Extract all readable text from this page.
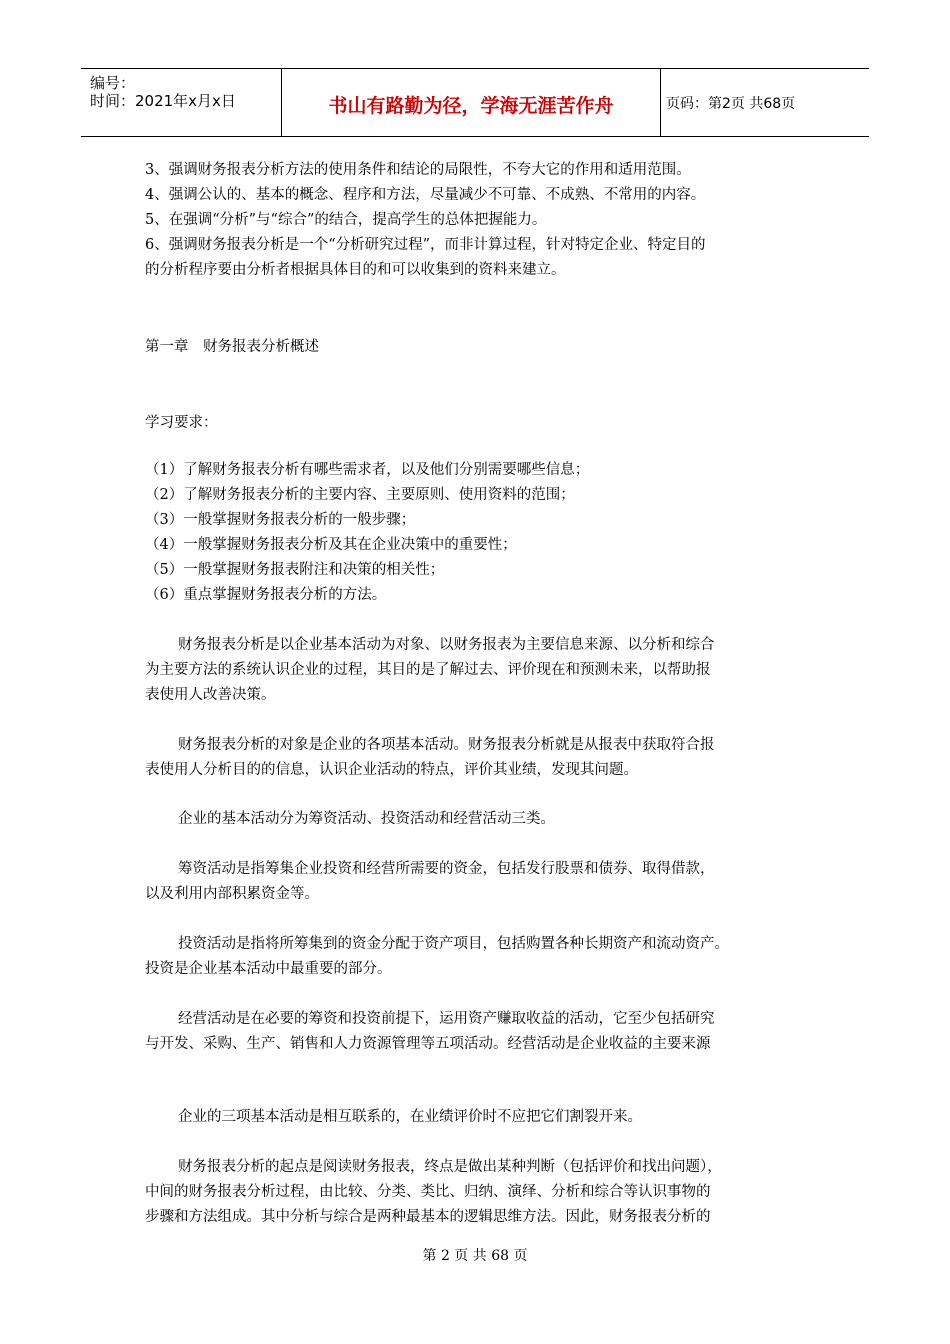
编号：
时间：2021年x月x日	书山有路勤为径，学海无涯苦作舟	页码：第2页 共68页
3、强调财务报表分析方法的使用条件和结论的局限性，不夸大它的作用和适用范围。
4、强调公认的、基本的概念、程序和方法，尽量减少不可靠、不成熟、不常用的内容。
5、在强调“分析”与“综合”的结合，提高学生的总体把握能力。
6、强调财务报表分析是一个“分析研究过程”，而非计算过程，针对特定企业、特定目的
的分析程序要由分析者根据具体目的和可以收集到的资料来建立。
第一章　财务报表分析概述
学习要求：
（1）了解财务报表分析有哪些需求者，以及他们分别需要哪些信息；
（2）了解财务报表分析的主要内容、主要原则、使用资料的范围；
（3）一般掌握财务报表分析的一般步骤；
（4）一般掌握财务报表分析及其在企业决策中的重要性；
（5）一般掌握财务报表附注和决策的相关性；
（6）重点掌握财务报表分析的方法。
财务报表分析是以企业基本活动为对象、以财务报表为主要信息来源、以分析和综合
为主要方法的系统认识企业的过程，其目的是了解过去、评价现在和预测未来，以帮助报
表使用人改善决策。
财务报表分析的对象是企业的各项基本活动。财务报表分析就是从报表中获取符合报
表使用人分析目的的信息，认识企业活动的特点，评价其业绩，发现其问题。
企业的基本活动分为筹资活动、投资活动和经营活动三类。
筹资活动是指筹集企业投资和经营所需要的资金，包括发行股票和债券、取得借款，
以及利用内部积累资金等。
投资活动是指将所筹集到的资金分配于资产项目，包括购置各种长期资产和流动资产。
投资是企业基本活动中最重要的部分。
经营活动是在必要的筹资和投资前提下，运用资产赚取收益的活动，它至少包括研究
与开发、采购、生产、销售和人力资源管理等五项活动。经营活动是企业收益的主要来源
企业的三项基本活动是相互联系的，在业绩评价时不应把它们割裂开来。
财务报表分析的起点是阅读财务报表，终点是做出某种判断（包括评价和找出问题），
中间的财务报表分析过程，由比较、分类、类比、归纳、演绎、分析和综合等认识事物的
步骤和方法组成。其中分析与综合是两种最基本的逻辑思维方法。因此，财务报表分析的
第 2 页 共 68 页
